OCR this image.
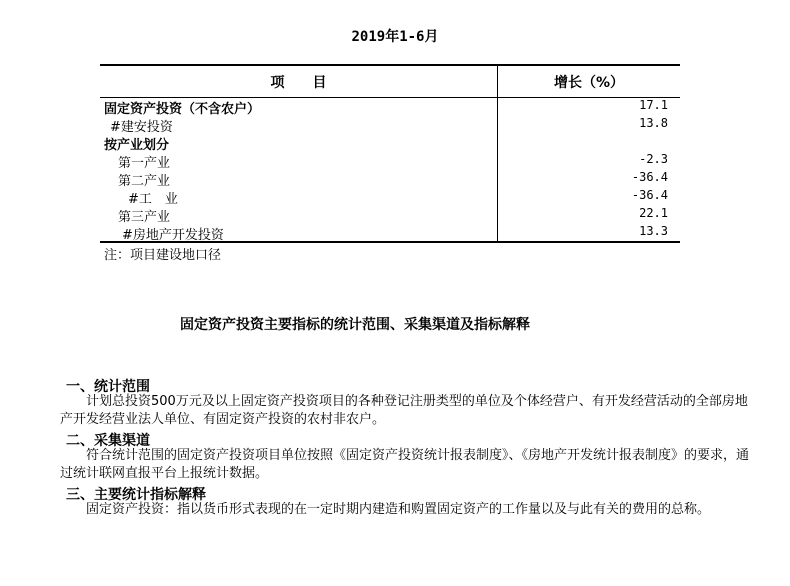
2019年1-6月
项　　目	增长（%）
固定资产投资（不含农户）	17.1
#建安投资	13.8
按产业划分
第一产业	-2.3
第二产业	-36.4
#工　业	-36.4
第三产业	22.1
#房地产开发投资	13.3
注：项目建设地口径
固定资产投资主要指标的统计范围、采集渠道及指标解释
一、统计范围
计划总投资500万元及以上固定资产投资项目的各种登记注册类型的单位及个体经营户、有开发经营活动的全部房地产开发经营业法人单位、有固定资产投资的农村非农户。
二、采集渠道
符合统计范围的固定资产投资项目单位按照《固定资产投资统计报表制度》、《房地产开发统计报表制度》的要求，通过统计联网直报平台上报统计数据。
三、主要统计指标解释
固定资产投资：指以货币形式表现的在一定时期内建造和购置固定资产的工作量以及与此有关的费用的总称。
